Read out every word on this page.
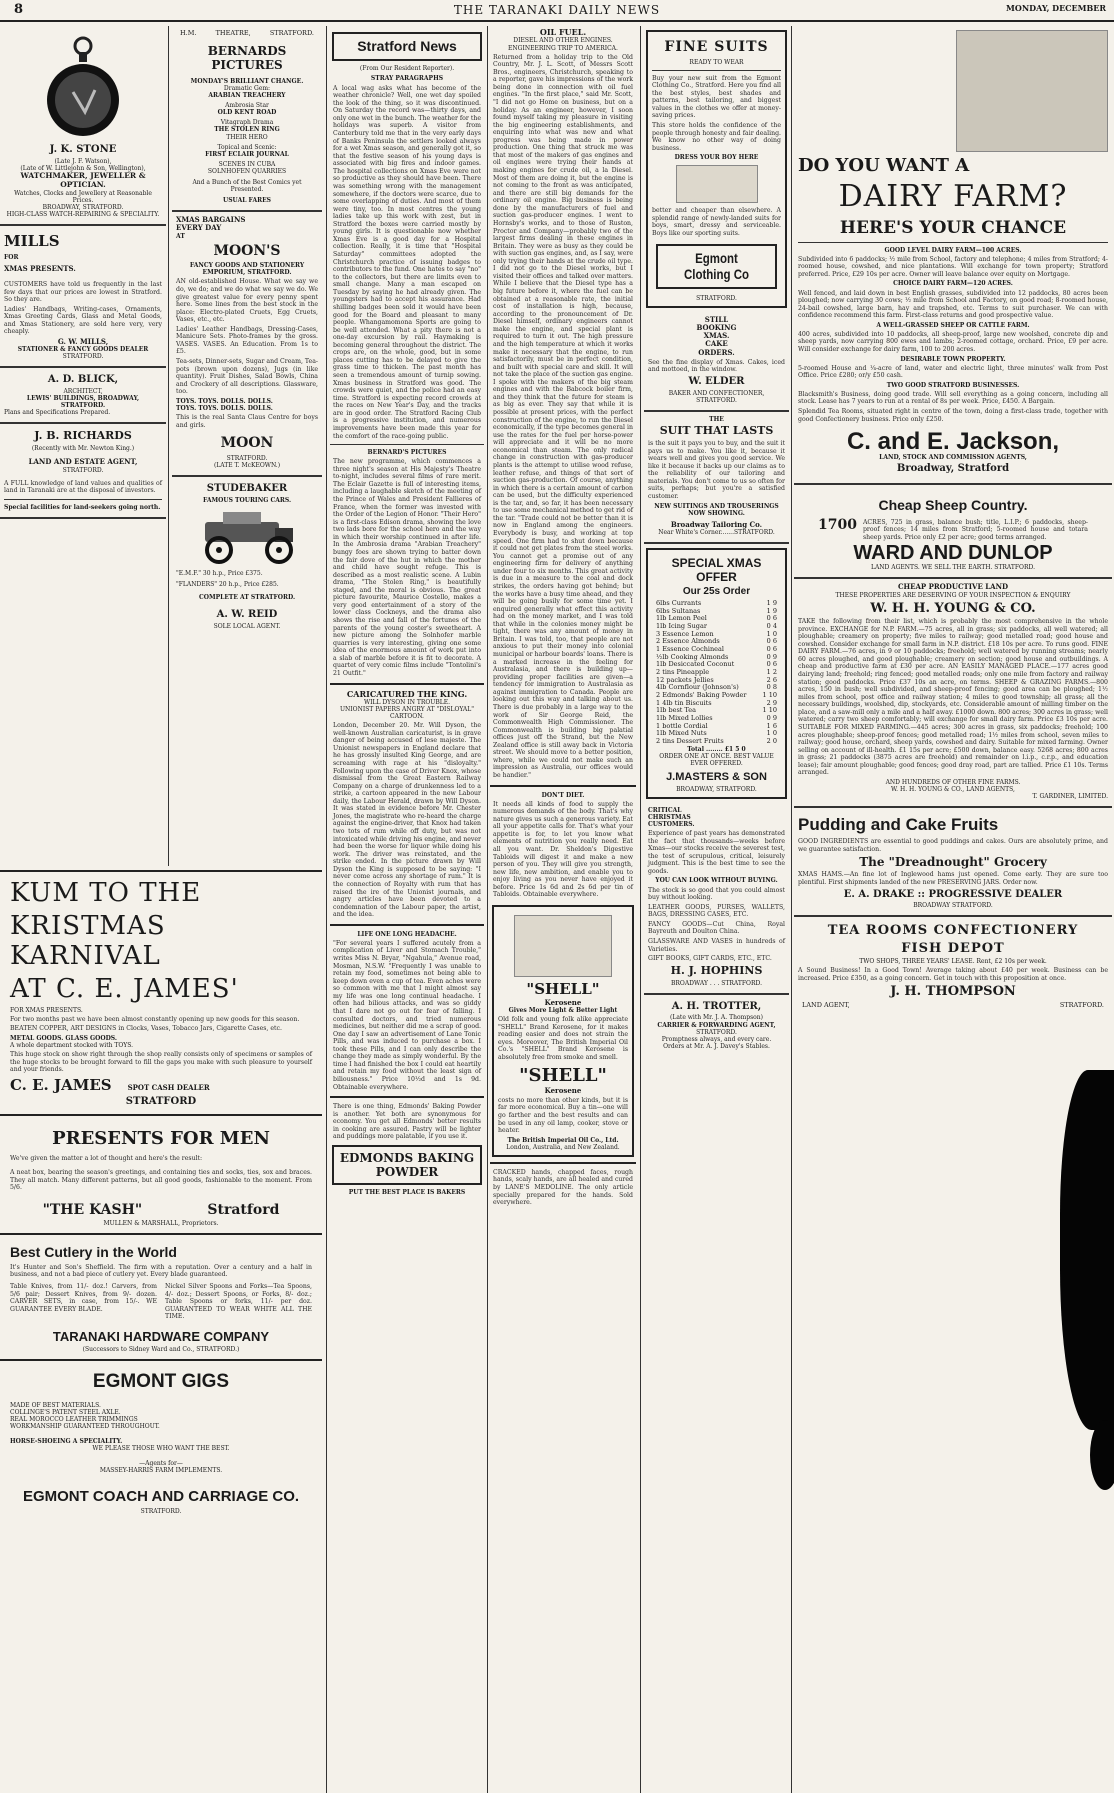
8	THE TARANAKI DAILY NEWS	MONDAY, DECEMBER
J. K. STONE
(Late J. F. Watson),
(Late of W. Littlejohn & Son, Wellington),
WATCHMAKER, JEWELLER & OPTICIAN.
Watches, Clocks and Jewellery at Reasonable Prices.
BROADWAY, STRATFORD.
HIGH-CLASS WATCH-REPAIRING & SPECIALITY.
MILLS
FOR
XMAS PRESENTS.

CUSTOMERS have told us frequently in the last few days that our prices are lowest in Stratford. So they are.

Ladies' Handbags, Writing-cases, Ornaments, Xmas Greeting Cards, Glass and Metal Goods, and Xmas Stationery, are sold here very, very cheaply.

G. W. MILLS,
STATIONER & FANCY GOODS DEALER
STRATFORD.
A. D. BLICK,
ARCHITECT,
LEWIS' BUILDINGS, BROADWAY, STRATFORD.
Plans and Specifications Prepared.
J. B. RICHARDS
(Recently with Mr. Newton King.)
LAND AND ESTATE AGENT,
STRATFORD.

A FULL knowledge of land values and qualities of land in Taranaki are at the disposal of investors.

Special facilities for land-seekers going north.
H.M.	THEATRE,	STRATFORD.
BERNARDS PICTURES
MONDAY'S BRILLIANT CHANGE.
Dramatic Gem:
ARABIAN TREACHERY
Ambrosia Star
OLD KENT ROAD
Vitagraph Drama
THE STOLEN RING
THEIR HERO
Topical and Scenic:
FIRST ECLAIR JOURNAL
SCENES IN CUBA
SOLNHOFEN QUARRIES
And a Bunch of the Best Comics yet Presented.
USUAL FARES
XMAS BARGAINS
EVERY DAY
AT
MOON'S
FANCY GOODS AND STATIONERY EMPORIUM, STRATFORD.

AN old-established House. What we say we do, we do; and we do what we say we do. We give greatest value for every penny spent here. Some lines from the best stock in the place: Electro-plated Cruets, Egg Cruets, Vases, etc., etc.

Ladies' Leather Handbags, Dressing-Cases, Manicure Sets. Photo-frames by the gross. VASES. VASES. An Education. From 1s to £5.

Tea-sets, Dinner-sets, Sugar and Cream, Tea-pots (brown upon dozens), Jugs (in like quantity). Fruit Dishes, Salad Bowls, China and Crockery of all descriptions. Glassware, too.

TOYS. TOYS. DOLLS. DOLLS.
TOYS. TOYS. DOLLS. DOLLS.

This is the real Santa Claus Centre for boys and girls.

MOON
STRATFORD.
(LATE T. McKEOWN.)
STUDEBAKER
FAMOUS TOURING CARS.
"E.M.F." 30 h.p., Price £375.
"FLANDERS" 20 h.p., Price £285.
COMPLETE AT STRATFORD.
A. W. REID
SOLE LOCAL AGENT.
KUM TO THE
KRISTMAS KARNIVAL
AT C. E. JAMES'
FOR XMAS PRESENTS.

For two months past we have been almost constantly opening up new goods for this season.

BEATEN COPPER, ART DESIGNS in Clocks, Vases, Tobacco Jars, Cigarette Cases, etc.

METAL GOODS. GLASS GOODS.
A whole department stocked with TOYS.

This huge stock on show right through the shop really consists only of specimens or samples of the huge stocks to be brought forward to fill the gaps you make with such pleasure to yourself and your friends.

C. E. JAMES SPOT CASH DEALER
STRATFORD
PRESENTS FOR MEN

We've given the matter a lot of thought and here's the result:

A neat box, bearing the season's greetings, and containing ties and socks, ties, sox and braces. They all match. Many different patterns, but all good goods, fashionable to the moment. From 5/6.

"THE KASH"	Stratford
MULLEN & MARSHALL, Proprietors.
Best Cutlery in the World

It's Hunter and Son's Sheffield. The firm with a reputation. Over a century and a half in business, and not a bad piece of cutlery yet. Every blade guaranteed.

Table Knives, from 11/- doz.! Carvers, from 5/6 pair; Dessert Knives, from 9/- dozen. CARVER SETS, in case, from 15/-. WE GUARANTEE EVERY BLADE.

Nickel Silver Spoons and Forks—Tea Spoons, 4/- doz.; Dessert Spoons, or Forks, 8/- doz.; Table Spoons or forks, 11/- per doz. GUARANTEED TO WEAR WHITE ALL THE TIME.

TARANAKI HARDWARE COMPANY
(Successors to Sidney Ward and Co., STRATFORD.)
EGMONT GIGS
MADE OF BEST MATERIALS.
COLLINGE'S PATENT STEEL AXLE.
REAL MOROCCO LEATHER TRIMMINGS
WORKMANSHIP GUARANTEED THROUGHOUT.
HORSE-SHOEING A SPECIALITY.
WE PLEASE THOSE WHO WANT THE BEST.
—Agents for—
MASSEY-HARRIS FARM IMPLEMENTS.
EGMONT COACH AND CARRIAGE CO.
STRATFORD.
Stratford News
(From Our Resident Reporter).
STRAY PARAGRAPHS

A local wag asks what has become of the weather chronicle? Well, one wet day spoiled the look of the thing, so it was discontinued. On Saturday the record was—thirty days, and only one wet in the bunch. The weather for the holidays was superb. A visitor from Canterbury told me that in the very early days of Banks Peninsula the settlers looked always for a wet Xmas season, and generally got it, so that the festive season of his young days is associated with big fires and indoor games. The hospital collections on Xmas Eve were not so productive as they should have been. There was something wrong with the management somewhere, if the doctors were scarce, due to some overlapping of duties. And most of them were tiny, too. In most centres the young ladies take up this work with zest, but in Stratford the boxes were carried mostly by young girls. It is questionable now whether Xmas Eve is a good day for a Hospital collection. Really, it is time that "Hospital Saturday" committees adopted the Christchurch practice of issuing badges to contributors to the fund. One hates to say "no" to the collectors, but there are limits even to small change. Many a man escaped on Tuesday by saying he had already given. The youngsters had to accept his assurance. Had shilling badges been sold it would have been good for the Board and pleasant to many people. Whangamomona Sports are going to be well attended. What a pity there is not a one-day excursion by rail. Haymaking is becoming general throughout the district. The crops are, on the whole, good, but in some places cutting has to be delayed to give the grass time to thicken. The past month has seen a tremendous amount of turnip sowing. Xmas business in Stratford was good. The crowds were quiet, and the police had an easy time. Stratford is expecting record crowds at the races on New Year's Day, and the tracks are in good order. The Stratford Racing Club is a progressive institution, and numerous improvements have been made this year for the comfort of the race-going public.

BERNARD'S PICTURES

The new programme, which commences a three night's season at His Majesty's Theatre to-night, includes several films of rare merit. The Eclair Gazette is full of interesting items, including a laughable sketch of the meeting of the Prince of Wales and President Fallieres of France, when the former was invested with the Order of the Legion of Honor. "Their Hero" is a first-class Edison drama, showing the love two lads bore for the school hero and the way in which their worship continued in after life. In the Ambrosia drama "Arabian Treachery" bungy foes are shown trying to batter down the fair dove of the hut in which the mother and child have sought refuge. This is described as a most realistic scene. A Lubin drama, "The Stolen Ring," is beautifully staged, and the moral is obvious. The great picture favourite, Maurice Costello, makes a very good entertainment of a story of the lower class Cockneys, and the drama also shows the rise and fall of the fortunes of the parents of the young coster's sweetheart. A new picture among the Solnhofer marble quarries is very interesting, giving one some idea of the enormous amount of work put into a slab of marble before it is fit to decorate. A quartet of very comic films include "Tontolini's 21 Outfit."

CARICATURED THE KING.
WILL DYSON IN TROUBLE.
UNIONIST PAPERS ANGRY AT "DISLOYAL" CARTOON.

London, December 20. Mr. Will Dyson, the well-known Australian caricaturist, is in grave danger of being accused of lese majeste. The Unionist newspapers in England declare that he has grossly insulted King George, and are screaming with rage at his "disloyalty." Following upon the case of Driver Knox, whose dismissal from the Great Eastern Railway Company on a charge of drunkenness led to a strike, a cartoon appeared in the new Labour daily, the Labour Herald, drawn by Will Dyson. It was stated in evidence before Mr. Chester Jones, the magistrate who re-heard the charge against the engine-driver, that Knox had taken two tots of rum while off duty, but was not intoxicated while driving his engine, and never had been the worse for liquor while doing his work. The driver was reinstated, and the strike ended. In the picture drawn by Will Dyson the King is supposed to be saying: "I never come across any shortage of rum." It is the connection of Royalty with rum that has raised the ire of the Unionist journals, and angry articles have been devoted to a condemnation of the Labour paper, the artist, and the idea.

LIFE ONE LONG HEADACHE.

"For several years I suffered acutely from a complication of Liver and Stomach Trouble," writes Miss N. Bryar, "Ngahula," Avenue road, Mosman, N.S.W. "Frequently I was unable to retain my food, sometimes not being able to keep down even a cup of tea. Even aches were so common with me that I might almost say my life was one long continual headache. I often had bilious attacks, and was so giddy that I dare not go out for fear of falling. I consulted doctors, and tried numerous medicines, but neither did me a scrap of good. One day I saw an advertisement of Lane Tonic Pills, and was induced to purchase a box. I took these Pills, and I can only describe the change they made as simply wonderful. By the time I had finished the box I could eat heartily and retain my food without the least sign of biliousness." Price 10½d and 1s 9d. Obtainable everywhere.

There is one thing, Edmonds' Baking Powder is another. Yet both are synonymous for economy. You get all Edmonds' better results in cooking are assured. Pastry will be lighter and puddings more palatable, if you use it.

EDMONDS BAKING POWDER
PUT THE BEST PLACE IS BAKERS
OIL FUEL.
DIESEL AND OTHER ENGINES.
ENGINEERING TRIP TO AMERICA.

Returned from a holiday trip to the Old Country, Mr. J. L. Scott, of Messrs Scott Bros., engineers, Christchurch, speaking to a reporter, gave his impressions of the work being done in connection with oil fuel engines. "In the first place," said Mr. Scott, "I did not go Home on business, but on a holiday. As an engineer, however, I soon found myself taking my pleasure in visiting the big engineering establishments, and enquiring into what was new and what progress was being made in power production. One thing that struck me was that most of the makers of gas engines and oil engines were trying their hands at making engines for crude oil, a la Diesel. Most of them are doing it, but the engine is not coming to the front as was anticipated, and there are still big demands for the ordinary oil engine. Big business is being done by the manufacturers of fuel and suction gas-producer engines. I went to Hornsby's works, and to those of Ruston, Proctor and Company—probably two of the largest firms dealing in these engines in Britain. They were as busy as they could be with suction gas engines, and, as I say, were only trying their hands at the crude oil type. I did not go to the Diesel works, but I visited their offices and talked over matters. While I believe that the Diesel type has a big future before it, where the fuel can be obtained at a reasonable rate, the initial cost of installation is high, because, according to the pronouncement of Dr. Diesel himself, ordinary engineers cannot make the engine, and special plant is required to turn it out. The high pressure and the high temperature at which it works make it necessary that the engine, to run satisfactorily, must be in perfect condition, and built with special care and skill. It will not take the place of the suction gas engine. I spoke with the makers of the big steam engines and with the Babcock boiler firm, and they think that the future for steam is as big as ever. They say that while it is possible at present prices, with the perfect construction of the engine, to run the Diesel economically, if the type becomes general in use the rates for the fuel per horse-power will appreciate and it will be no more economical than steam. The only radical change in construction with gas-producer plants is the attempt to utilise wood refuse, leather refuse, and things of that sort of suction gas-production. Of course, anything in which there is a certain amount of carbon can be used, but the difficulty experienced is the tar, and, so far, it has been necessary to use some mechanical method to get rid of the tar. "Trade could not be better than it is now in England among the engineers. Everybody is busy, and working at top speed. One firm had to shut down because it could not get plates from the steel works. You cannot get a promise out of any engineering firm for delivery of anything under four to six months. This great activity is due in a measure to the coal and dock strikes, the orders having got behind; but the works have a busy time ahead, and they will be going busily for some time yet. I enquired generally what effect this activity had on the money market, and I was told that while in the colonies money might be tight, there was any amount of money in Britain. I was told, too, that people are not anxious to put their money into colonial municipal or harbour boards' loans. There is a marked increase in the feeling for Australasia, and there is building up—providing proper facilities are given—a tendency for immigration to Australasia as against immigration to Canada. People are looking out this way and talking about us. There is due probably in a large way to the work of Sir George Reid, the Commonwealth High Commissioner. The Commonwealth is building big palatial offices just off the Strand, but the New Zealand office is still away back in Victoria street. We should move to a better position, where, while we could not make such an impression as Australia, our offices would be handier."

DON'T DIET.

It needs all kinds of food to supply the numerous demands of the body. That's why nature gives us such a generous variety. Eat all your appetite calls for. That's what your appetite is for, to let you know what elements of nutrition you really need. Eat all you want. Dr. Sheldon's Digestive Tabloids will digest it and make a new person of you. They will give you strength, new life, new ambition, and enable you to enjoy living as you never have enjoyed it before. Price 1s 6d and 2s 6d per tin of Tabloids. Obtainable everywhere.

"SHELL"
Kerosene
Gives More Light & Better Light

Old folk and young folk alike appreciate "SHELL" Brand Kerosene, for it makes reading easier and does not strain the eyes. Moreover, The British Imperial Oil Co.'s "SHELL" Brand Kerosene is absolutely free from smoke and smell.

"SHELL"
Kerosene

costs no more than other kinds, but it is far more economical. Buy a tin—one will go farther and the best results and can be used in any oil lamp, cooker, stove or heater.

The British Imperial Oil Co., Ltd.
London, Australia, and New Zealand.

CRACKED hands, chapped faces, rough hands, scaly hands, are all healed and cured by LANE'S MEDOLINE. The only article specially prepared for the hands. Sold everywhere.

FINE SUITS
READY TO WEAR

Buy your new suit from the Egmont Clothing Co., Stratford. Here you find all the best styles, best shades and patterns, best tailoring, and biggest values in the clothes we offer at money-saving prices.

This store holds the confidence of the people through honesty and fair dealing. We know no other way of doing business.

DRESS YOUR BOY HERE

better and cheaper than elsewhere. A splendid range of newly-landed suits for boys, smart, dressy and serviceable. Boys like our sporting suits.

Egmont Clothing Co
STRATFORD.
STILL
BOOKING
XMAS.
CAKE
ORDERS.

See the fine display of Xmas. Cakes, iced and mottoed, in the window.

W. ELDER
BAKER AND CONFECTIONER,
STRATFORD.
THE
SUIT THAT LASTS

is the suit it pays you to buy, and the suit it pays us to make. You like it, because it wears well and gives you good service. We like it because it backs up our claims as to the reliability of our tailoring and materials. You don't come to us so often for suits, perhaps; but you're a satisfied customer.

NEW SUITINGS AND TROUSERINGS NOW SHOWING.
Broadway Tailoring Co.
Near White's Corner.......STRATFORD.
SPECIAL XMAS OFFER
Our 25s Order
6lbs Currants	1 9
6lbs Sultanas	1 9
1lb Lemon Peel	0 6
1lb Icing Sugar	0 4
3 Essence Lemon	1 0
2 Essence Almonds	0 6
1 Essence Cochineal	0 6
½lb Cooking Almonds	0 9
1lb Desiccated Coconut	0 6
2 tins Pineapple	1 2
12 packets Jellies	2 6
4lb Cornflour (Johnson's)	0 8
2 Edmonds' Baking Powder 1 10
1 4lb tin Biscuits	2 9
1lb best Tea	1 10
1lb Mixed Lollies	0 9
1 bottle Cordial	1 6
1lb Mixed Nuts	1 0
2 tins Dessert Fruits	2 0
Total ........ £1 5 0
ORDER ONE AT ONCE. BEST VALUE EVER OFFERED.
J.MASTERS & SON
BROADWAY, STRATFORD.
CRITICAL
CHRISTMAS
CUSTOMERS.

Experience of past years has demonstrated the fact that thousands—weeks before Xmas—our stocks receive the severest test, the test of scrupulous, critical, leisurely judgment. This is the best time to see the goods.

YOU CAN LOOK WITHOUT BUYING.

The stock is so good that you could almost buy without looking.

LEATHER GOODS, PURSES, WALLETS, BAGS, DRESSING CASES, ETC.

FANCY GOODS—Cut China, Royal Bayreuth and Doulton China.

GLASSWARE AND VASES in hundreds of Varieties.

GIFT BOOKS, GIFT CARDS, ETC., ETC.

H. J. HOPHINS
BROADWAY . . . STRATFORD.
A. H. TROTTER,
(Late with Mr. J. A. Thompson)
CARRIER & FORWARDING AGENT,
STRATFORD.
Promptness always, and every care.
Orders at Mr. A. J. Davey's Stables.
DO YOU WANT A
DAIRY FARM?
HERE'S YOUR CHANCE
GOOD LEVEL DAIRY FARM—100 ACRES.

Subdivided into 6 paddocks; ½ mile from School, factory and telephone; 4 miles from Stratford; 4-roomed house, cowshed, and nice plantations. Will exchange for town property; Stratford preferred. Price, £29 10s per acre. Owner will leave balance over equity on Mortgage.

CHOICE DAIRY FARM—120 ACRES.

Well fenced, and laid down in best English grasses, subdivided into 12 paddocks, 80 acres been ploughed; now carrying 30 cows; ½ mile from School and Factory, on good road; 8-roomed house, 24-bail cowshed, large barn, hay and trapshed, etc. Terms to suit purchaser. We can with confidence recommend this farm. First-class returns and good prospective value.

A WELL-GRASSED SHEEP OR CATTLE FARM.

400 acres, subdivided into 10 paddocks, all sheep-proof, large new woolshed, concrete dip and sheep yards, now carrying 800 ewes and lambs; 2-roomed cottage, orchard. Price, £9 per acre. Will consider exchange for dairy farm, 100 to 200 acres.

DESIRABLE TOWN PROPERTY.

5-roomed House and ¼-acre of land, water and electric light, three minutes' walk from Post Office. Price £280; or/y £50 cash.

TWO GOOD STRATFORD BUSINESSES.

Blacksmith's Business, doing good trade. Will sell everything as a going concern, including all stock. Lease has 7 years to run at a rental of 8s per week. Price, £450. A Bargain.

Splendid Tea Rooms, situated right in centre of the town, doing a first-class trade, together with good Confectionery business. Price only £250.

C. and E. Jackson,
LAND, STOCK AND COMMISSION AGENTS,
Broadway, Stratford
Cheap Sheep Country.
1700 ACRES, 725 in grass, balance bush; title, L.I.P.; 6 paddocks, sheep-proof fences; 14 miles from Stratford; 5-roomed house and totara sheep yards. Price only £2 per acre; good terms arranged.

WARD AND DUNLOP
LAND AGENTS. WE SELL THE EARTH. STRATFORD.
CHEAP PRODUCTIVE LAND
THESE PROPERTIES ARE DESERVING OF YOUR INSPECTION & ENQUIRY
W. H. H. YOUNG & CO.

TAKE the following from their list, which is probably the most comprehensive in the whole province. EXCHANGE for N.P. FARM.—75 acres, all in grass; six paddocks, all well watered; all ploughable; creamery on property; five miles to railway; good metalled road; good house and cowshed. Consider exchange for small farm in N.P. district. £18 10s per acre. To runs good. FINE DAIRY FARM.—76 acres, in 9 or 10 paddocks; freehold; well watered by running streams; nearly 60 acres ploughed, and good ploughable; creamery on section; good house and outbuildings. A cheap and productive farm at £30 per acre. AN EASILY MANAGED PLACE.—177 acres good dairying land; freehold; ring fenced; good metalled roads; only one mile from factory and railway station; good paddocks. Price £37 10s an acre, on terms. SHEEP & GRAZING FARMS.—800 acres, 150 in bush; well subdivided, and sheep-proof fencing; good area can be ploughed; 1½ miles from school, post office and railway station; 4 miles to good township; all grass; all the necessary buildings, woolshed, dip, stockyards, etc. Considerable amount of milling timber on the place, and a saw-mill only a mile and a half away. £1000 down. 800 acres; 300 acres in grass; well watered; carry two sheep comfortably; will exchange for small dairy farm. Price £3 10s per acre. SUITABLE FOR MIXED FARMING.—445 acres; 300 acres in grass, six paddocks; freehold; 100 acres ploughable; sheep-proof fences; good metalled road; 1½ miles from school, seven miles to railway; good house, orchard, sheep yards, cowshed and dairy. Suitable for mixed farming. Owner selling on account of ill-health. £1 15s per acre; £500 down, balance easy. 5268 acres; 800 acres in grass; 21 paddocks (3875 acres are freehold) and remainder on l.i.p., c.r.p., and education lease); fair amount ploughable; good fences; good dray road, part are tallied. Price £1 10s. Terms arranged.

AND HUNDREDS OF OTHER FINE FARMS.
W. H. H. YOUNG & CO., LAND AGENTS,
T. GARDINER, LIMITED.
Pudding and Cake Fruits

GOOD INGREDIENTS are essential to good puddings and cakes. Ours are absolutely prime, and we guarantee satisfaction.

The "Dreadnought" Grocery

XMAS HAMS.—An fine lot of Inglewood hams just opened. Come early. They are sure too plentiful. First shipments landed of the new PRESERVING JARS. Order now.

E. A. DRAKE :: PROGRESSIVE DEALER
BROADWAY STRATFORD.
TEA ROOMS CONFECTIONERY
FISH DEPOT
TWO SHOPS, THREE YEARS' LEASE. Rent, £2 10s per week.

A Sound Business! In a Good Town! Average taking about £40 per week. Business can be increased. Price £350, as a going concern. Get in touch with this proposition at once.

J. H. THOMPSON
LAND AGENT,	STRATFORD.
